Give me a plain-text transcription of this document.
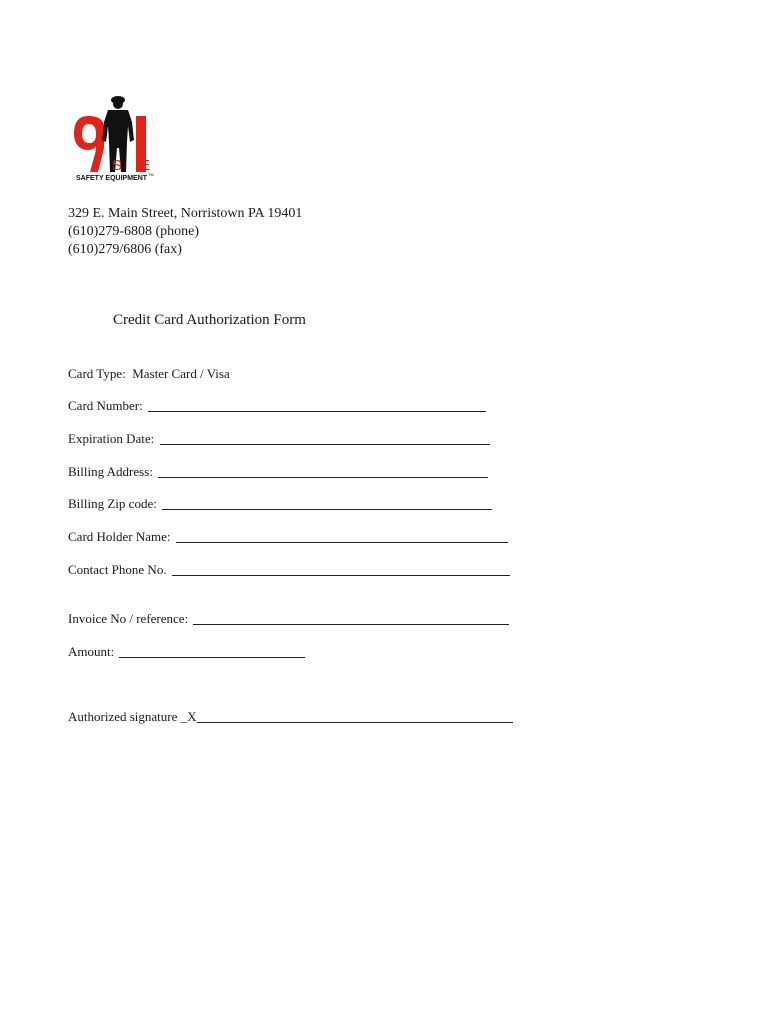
S E
SAFETY EQUIPMENT
TM
329 E. Main Street, Norristown PA 19401
(610)279-6808 (phone)
(610)279/6806 (fax)
Credit Card Authorization Form
Card Type:  Master Card / Visa
Card Number:
Expiration Date:
Billing Address:
Billing Zip code:
Card Holder Name:
Contact Phone No.
Invoice No / reference:
Amount:
Authorized signature _ X
